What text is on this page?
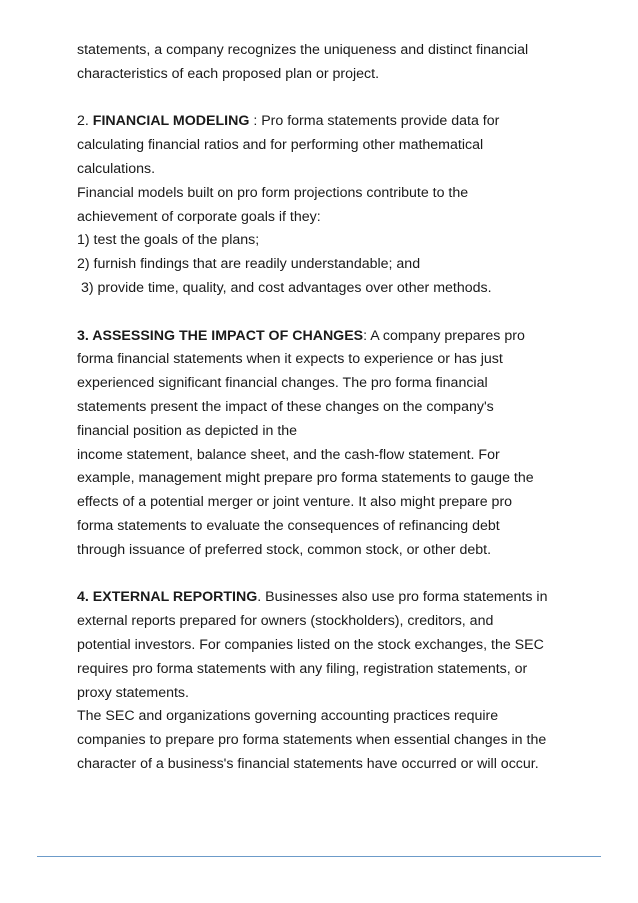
statements, a company recognizes the uniqueness and distinct financial
characteristics of each proposed plan or project.
2. FINANCIAL MODELING : Pro forma statements provide data for
calculating financial ratios and for performing other mathematical
calculations.
Financial models built on pro form projections contribute to the
achievement of corporate goals if they:
1) test the goals of the plans;
2) furnish findings that are readily understandable; and
3) provide time, quality, and cost advantages over other methods.
3. ASSESSING THE IMPACT OF CHANGES: A company prepares pro
forma financial statements when it expects to experience or has just
experienced significant financial changes. The pro forma financial
statements present the impact of these changes on the company's
financial position as depicted in the
income statement, balance sheet, and the cash-flow statement. For
example, management might prepare pro forma statements to gauge the
effects of a potential merger or joint venture. It also might prepare pro
forma statements to evaluate the consequences of refinancing debt
through issuance of preferred stock, common stock, or other debt.
4. EXTERNAL REPORTING. Businesses also use pro forma statements in
external reports prepared for owners (stockholders), creditors, and
potential investors. For companies listed on the stock exchanges, the SEC
requires pro forma statements with any filing, registration statements, or
proxy statements.
The SEC and organizations governing accounting practices require
companies to prepare pro forma statements when essential changes in the
character of a business's financial statements have occurred or will occur.
